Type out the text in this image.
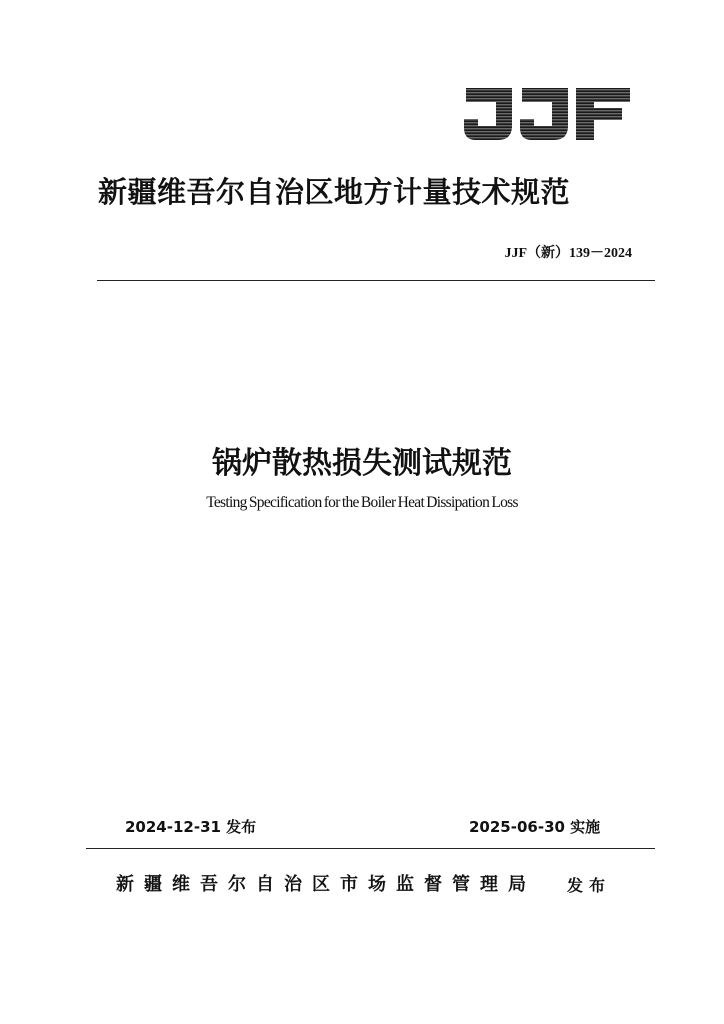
新疆维吾尔自治区地方计量技术规范
JJF（新）139－2024
锅炉散热损失测试规范
Testing Specification for the Boiler Heat Dissipation Loss
2024-12-31 发布	2025-06-30 实施
新疆维吾尔自治区市场监督管理局 发布
